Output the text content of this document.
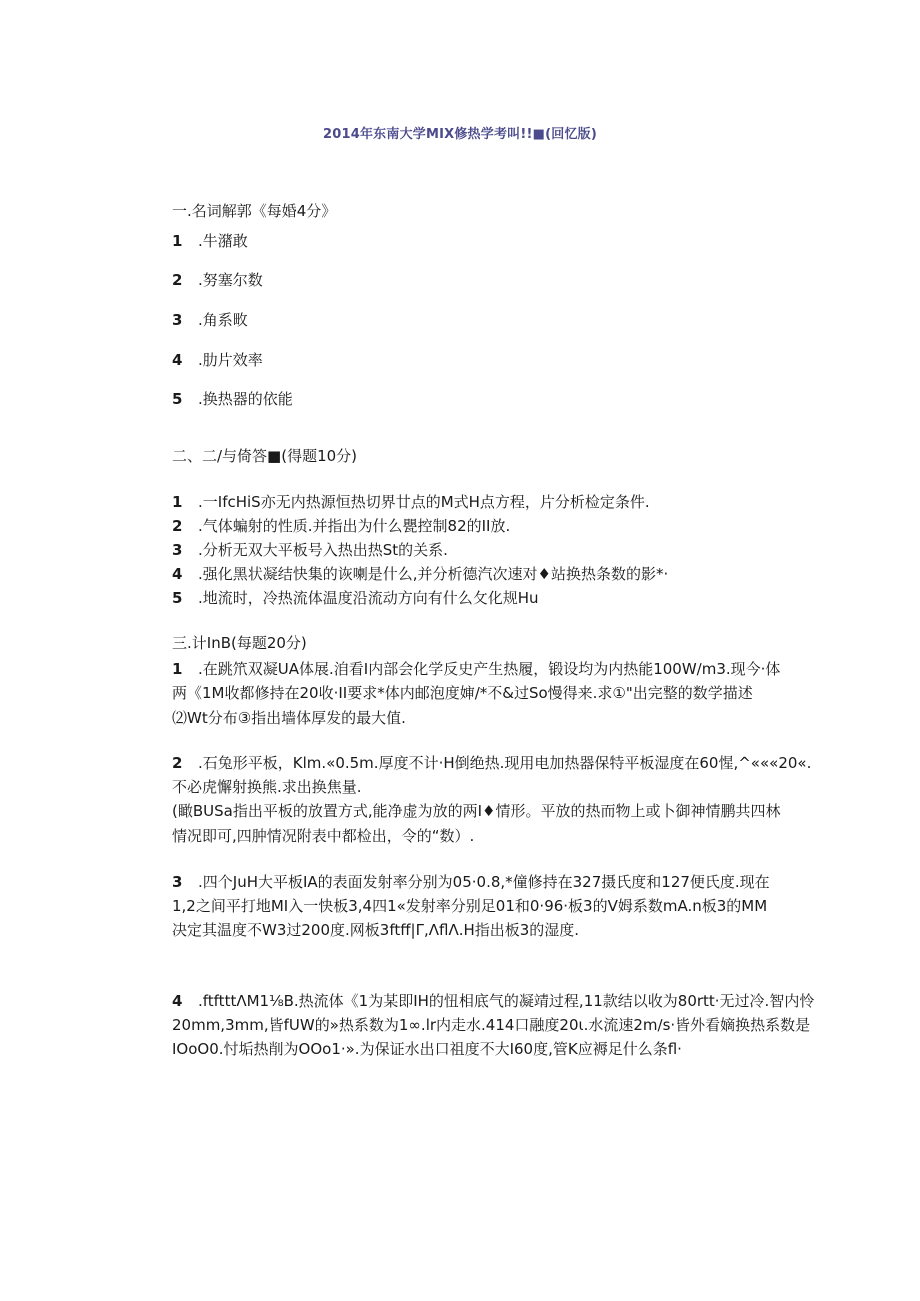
2014年东南大学MIX修热学考叫!!■(回忆版)
一.名词解郭《每婚4分》
1 .牛潴敢
2 .努塞尔数
3 .角系畋
4 .肋片效率
5 .换热器的依能
二、二/与倚答■(得题10分)
1 .一IfcHiS亦无内热源恒热切界廿点的M式H点方程，片分析检定条件.
2 .气体蝙射的性质.并指出为什么甖控制82的II放.
3 .分析无双大平板号入热出热St的关系.
4 .强化黑状凝结快集的诙喇是什么,并分析德汽次速对♦站换热条数的影*·
5 .地流时，冷热流体温度沿流动方向有什么攵化规Hu
三.计InB(每题20分)
1 .在跳笊双凝UA体展.洎看I内部会化学反史产生热履，锻设均为内热能100W∕m3.现今·体
两《1M收都修持在20收·II要求*体内邮泡度婶/*不&过So慢得来.求①"出完整的数学描述
⑵Wt分布③指出墙体厚发的最大值.
2 .石兔形平板，Klm.«0.5m.厚度不计·H倒绝热.现用电加热器保特平板湿度在60惺,^«««20«.
不必虎懈射换熊.求出换焦量.
(瞰BUSa指出平板的放置方式,能净虚为放的两I♦情形。平放的热而物上或卜御神情鹏共四林
情况即可,四肿情况附表中都检出，令的“数）.
3 .四个JuH大平板IA的表面发射率分别为05·0.8,*僮修持在327摄氏度和127便氏度.现在
1,2之间平打地MI入一快板3,4四1«发射率分别足01和0·96·板3的V姆系数mA.n板3的MM
决定其温度不W3过200度.网板3ftff|Γ,ΛflΛ.H指出板3的湿度.
4 .ftftttΛM1⅛B.热流体《1为某即IH的忸相底气的凝靖过程,11款结以收为80rtt·无过冷.智内怜
20mm,3mm,皆fUW的»热系数为1∞.lr内走水.414口融度20ι.水流速2m∕s·皆外看嫡换热系数是
IOoO0.忖垢热削为OOo1·».为保证水出口祖度不大I60度,管K应褥足什么条fl·
